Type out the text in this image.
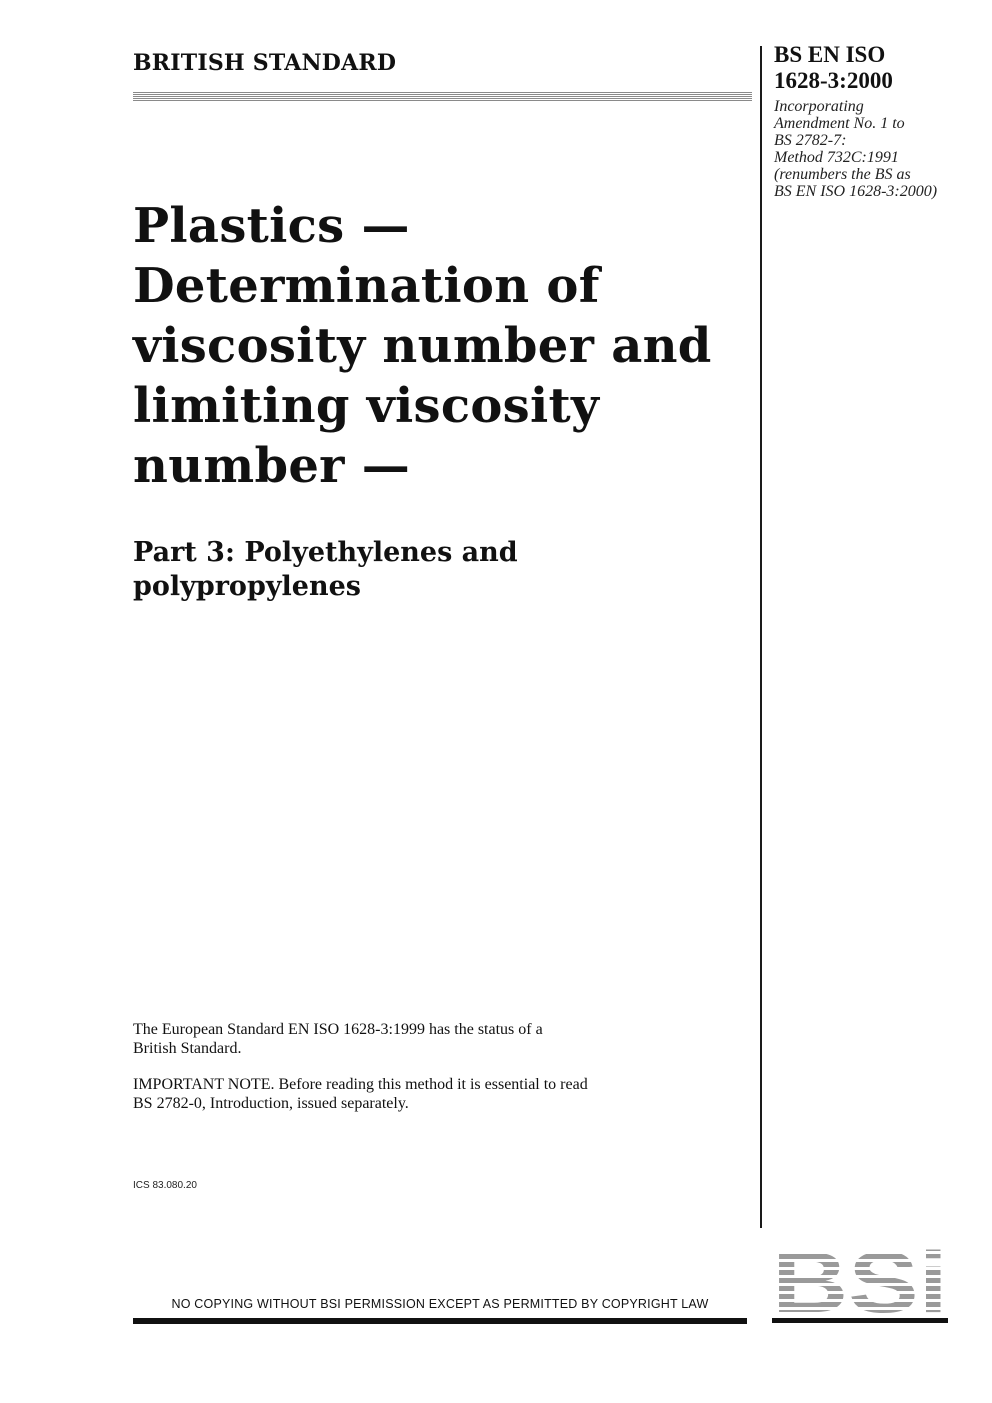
BRITISH STANDARD	BS EN ISO
1628-3:2000
Incorporating
Amendment No. 1 to
BS 2782-7:
Method 732C:1991
(renumbers the BS as
BS EN ISO 1628-3:2000)
Plastics —
Determination of
viscosity number and
limiting viscosity
number —
Part 3: Polyethylenes and
polypropylenes
The European Standard EN ISO 1628-3:1999 has the status of a
British Standard.
IMPORTANT NOTE. Before reading this method it is essential to read
BS 2782-0, Introduction, issued separately.
ICS 83.080.20
NO COPYING WITHOUT BSI PERMISSION EXCEPT AS PERMITTED BY COPYRIGHT LAW
